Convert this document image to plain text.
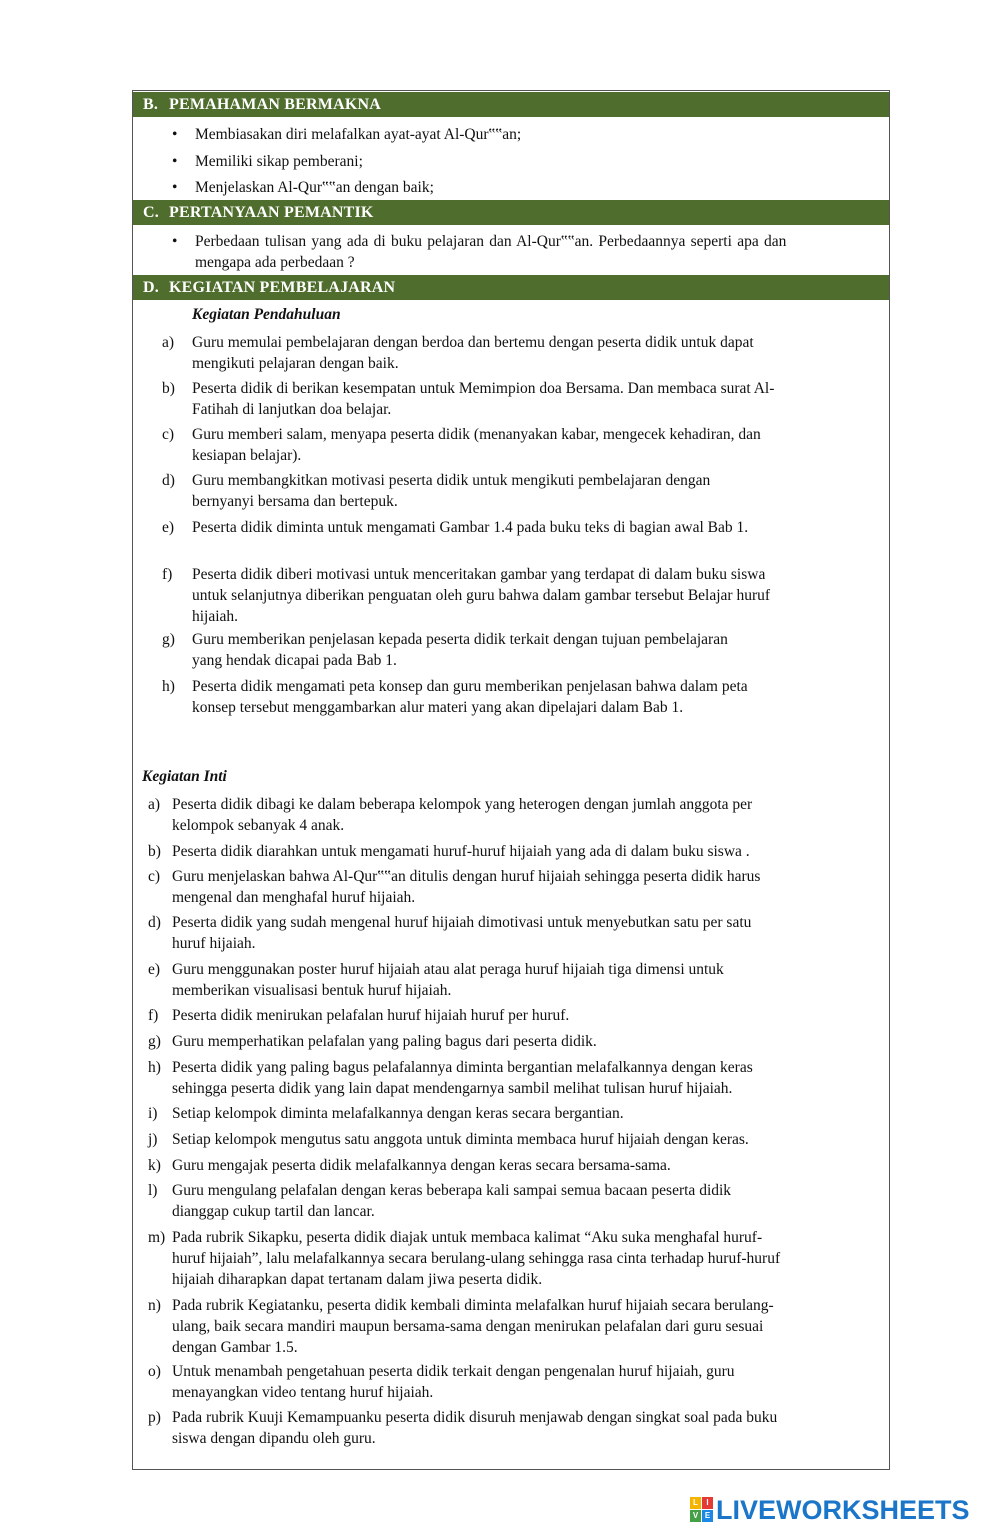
B. PEMAHAMAN BERMAKNA
• Membiasakan diri melafalkan ayat-ayat Al-Qur‟‟an;
• Memiliki sikap pemberani;
• Menjelaskan Al-Qur‟‟an dengan baik;
C. PERTANYAAN PEMANTIK
• Perbedaan tulisan yang ada di buku pelajaran dan Al-Qur‟‟an. Perbedaannya seperti apa dan
mengapa ada perbedaan ?
D. KEGIATAN PEMBELAJARAN
Kegiatan Pendahuluan
a) Guru memulai pembelajaran dengan berdoa dan bertemu dengan peserta didik untuk dapat
mengikuti pelajaran dengan baik.
b) Peserta didik di berikan kesempatan untuk Memimpion doa Bersama. Dan membaca surat Al-
Fatihah di lanjutkan doa belajar.
c) Guru memberi salam, menyapa peserta didik (menanyakan kabar, mengecek kehadiran, dan
kesiapan belajar).
d) Guru membangkitkan motivasi peserta didik untuk mengikuti pembelajaran dengan
bernyanyi bersama dan bertepuk.
e) Peserta didik diminta untuk mengamati Gambar 1.4 pada buku teks di bagian awal Bab 1.
f) Peserta didik diberi motivasi untuk menceritakan gambar yang terdapat di dalam buku siswa
untuk selanjutnya diberikan penguatan oleh guru bahwa dalam gambar tersebut Belajar huruf
hijaiah.
g) Guru memberikan penjelasan kepada peserta didik terkait dengan tujuan pembelajaran
yang hendak dicapai pada Bab 1.
h) Peserta didik mengamati peta konsep dan guru memberikan penjelasan bahwa dalam peta
konsep tersebut menggambarkan alur materi yang akan dipelajari dalam Bab 1.
Kegiatan Inti
a) Peserta didik dibagi ke dalam beberapa kelompok yang heterogen dengan jumlah anggota per
kelompok sebanyak 4 anak.
b) Peserta didik diarahkan untuk mengamati huruf-huruf hijaiah yang ada di dalam buku siswa .
c) Guru menjelaskan bahwa Al-Qur‟‟an ditulis dengan huruf hijaiah sehingga peserta didik harus
mengenal dan menghafal huruf hijaiah.
d) Peserta didik yang sudah mengenal huruf hijaiah dimotivasi untuk menyebutkan satu per satu
huruf hijaiah.
e) Guru menggunakan poster huruf hijaiah atau alat peraga huruf hijaiah tiga dimensi untuk
memberikan visualisasi bentuk huruf hijaiah.
f) Peserta didik menirukan pelafalan huruf hijaiah huruf per huruf.
g) Guru memperhatikan pelafalan yang paling bagus dari peserta didik.
h) Peserta didik yang paling bagus pelafalannya diminta bergantian melafalkannya dengan keras
sehingga peserta didik yang lain dapat mendengarnya sambil melihat tulisan huruf hijaiah.
i) Setiap kelompok diminta melafalkannya dengan keras secara bergantian.
j) Setiap kelompok mengutus satu anggota untuk diminta membaca huruf hijaiah dengan keras.
k) Guru mengajak peserta didik melafalkannya dengan keras secara bersama-sama.
l) Guru mengulang pelafalan dengan keras beberapa kali sampai semua bacaan peserta didik
dianggap cukup tartil dan lancar.
m) Pada rubrik Sikapku, peserta didik diajak untuk membaca kalimat “Aku suka menghafal huruf-
huruf hijaiah”, lalu melafalkannya secara berulang-ulang sehingga rasa cinta terhadap huruf-huruf
hijaiah diharapkan dapat tertanam dalam jiwa peserta didik.
n) Pada rubrik Kegiatanku, peserta didik kembali diminta melafalkan huruf hijaiah secara berulang-
ulang, baik secara mandiri maupun bersama-sama dengan menirukan pelafalan dari guru sesuai
dengan Gambar 1.5.
o) Untuk menambah pengetahuan peserta didik terkait dengan pengenalan huruf hijaiah, guru
menayangkan video tentang huruf hijaiah.
p) Pada rubrik Kuuji Kemampuanku peserta didik disuruh menjawab dengan singkat soal pada buku
siswa dengan dipandu oleh guru.
L	I
V E LIVEWORKSHEETS
